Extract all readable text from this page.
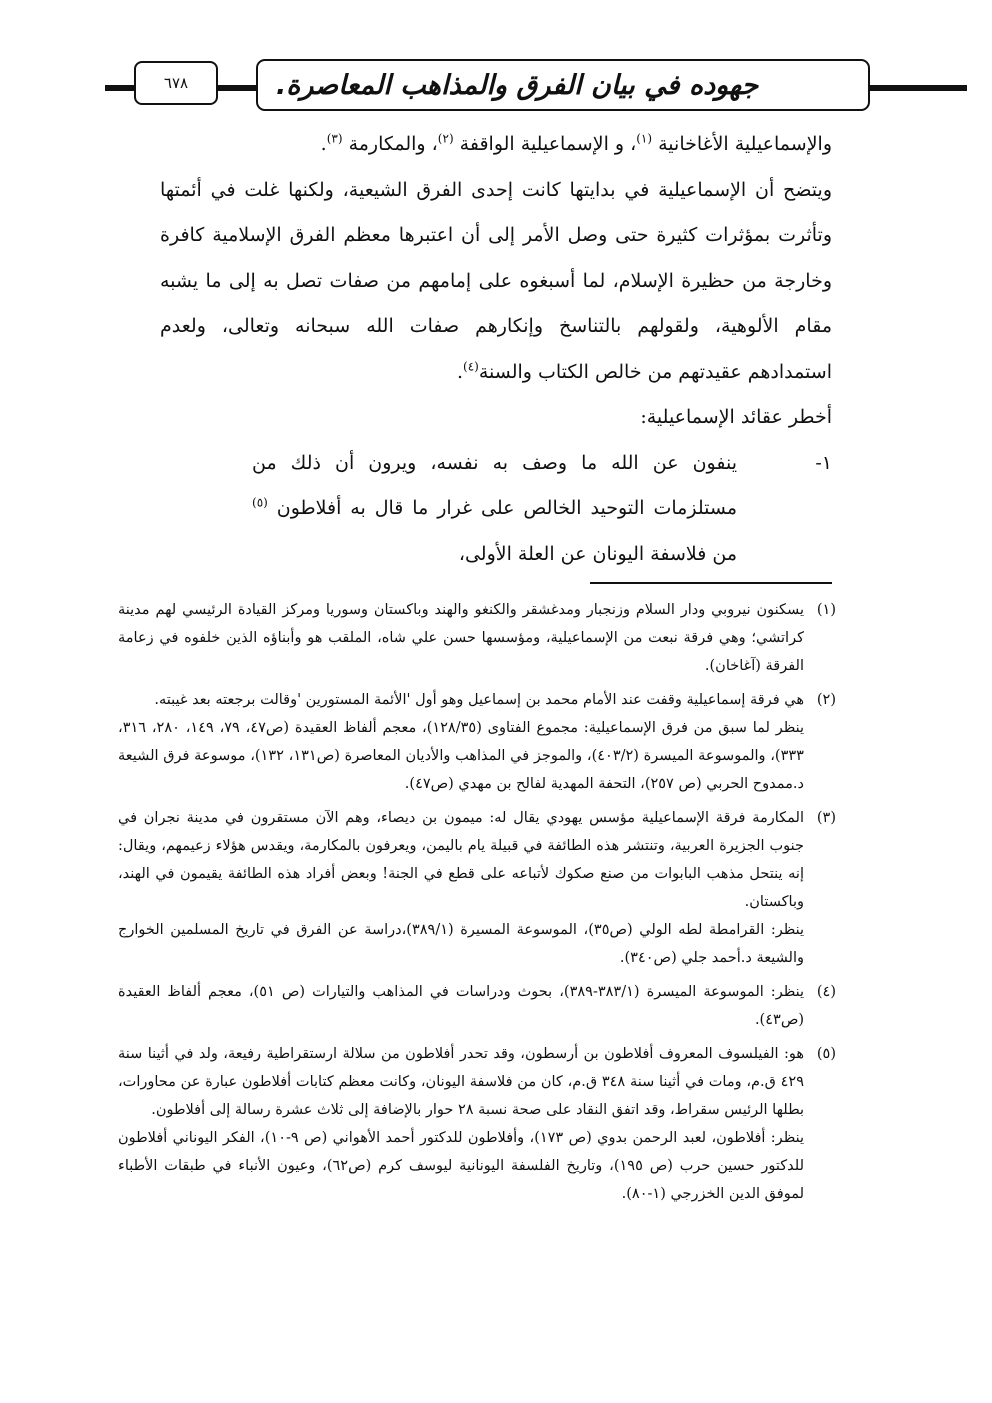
جهوده في بيان الفرق والمذاهب المعاصرة.
٦٧٨

والإسماعيلية الأغاخانية $^{(١)}$، و الإسماعيلية الواقفة $^{(٢)}$، والمكارمة $^{(٣)}$.

ويتضح أن الإسماعيلية في بدايتها كانت إحدى الفرق الشيعية، ولكنها غلت في أئمتها وتأثرت بمؤثرات كثيرة حتى وصل الأمر إلى أن اعتبرها معظم الفرق الإسلامية كافرة وخارجة من حظيرة الإسلام، لما أسبغوه على إمامهم من صفات تصل به إلى ما يشبه مقام الألوهية، ولقولهم بالتناسخ وإنكارهم صفات الله سبحانه وتعالى، ولعدم استمدادهم عقيدتهم من خالص الكتاب والسنة$^{(٤)}$.

أخطر عقائد الإسماعيلية:

١-
ينفون عن الله ما وصف به نفسه، ويرون أن ذلك من مستلزمات التوحيد الخالص على غرار ما قال به أفلاطون $^{(٥)}$ من فلاسفة اليونان عن العلة الأولى،
(١)

يسكنون نيروبي ودار السلام وزنجبار ومدغشقر والكنغو والهند وباكستان وسوريا ومركز القيادة الرئيسي لهم مدينة كراتشي؛ وهي فرقة نبعت من الإسماعيلية، ومؤسسها حسن علي شاه، الملقب هو وأبناؤه الذين خلفوه في زعامة الفرقة (آغاخان).

(٢)

هي فرقة إسماعيلية وقفت عند الأمام محمد بن إسماعيل وهو أول 'الأئمة المستورين 'وقالت برجعته بعد غيبته.

ينظر لما سبق من فرق الإسماعيلية: مجموع الفتاوى (١٢٨/٣٥)، معجم ألفاظ العقيدة (ص٤٧، ٧٩، ١٤٩، ٢٨٠، ٣١٦، ٣٣٣)، والموسوعة الميسرة (٤٠٣/٢)، والموجز في المذاهب والأديان المعاصرة (ص١٣١، ١٣٢)، موسوعة فرق الشيعة د.ممدوح الحربي (ص ٢٥٧)، التحفة المهدية لفالح بن مهدي (ص٤٧).

(٣)

المكارمة فرقة الإسماعيلية مؤسس يهودي يقال له: ميمون بن ديصاء، وهم الآن مستقرون في مدينة نجران في جنوب الجزيرة العربية، وتنتشر هذه الطائفة في قبيلة يام باليمن، ويعرفون بالمكارمة، ويقدس هؤلاء زعيمهم، ويقال: إنه ينتحل مذهب البابوات من صنع صكوك لأتباعه على قطع في الجنة! وبعض أفراد هذه الطائفة يقيمون في الهند، وباكستان.

ينظر: القرامطة لطه الولي (ص٣٥)، الموسوعة المسيرة (٣٨٩/١)،دراسة عن الفرق في تاريخ المسلمين الخوارج والشيعة د.أحمد جلي (ص٣٤٠).

(٤)

ينظر: الموسوعة الميسرة (٣٨٣/١-٣٨٩)، بحوث ودراسات في المذاهب والتيارات (ص ٥١)، معجم ألفاظ العقيدة (ص٤٣).

(٥)

هو: الفيلسوف المعروف أفلاطون بن أرسطون، وقد تحدر أفلاطون من سلالة ارستقراطية رفيعة، ولد في أثينا سنة ٤٢٩ ق.م، ومات في أثينا سنة ٣٤٨ ق.م، كان من فلاسفة اليونان، وكانت معظم كتابات أفلاطون عبارة عن محاورات، بطلها الرئيس سقراط، وقد اتفق النقاد على صحة نسبة ٢٨ حوار بالإضافة إلى ثلاث عشرة رسالة إلى أفلاطون.

ينظر: أفلاطون، لعبد الرحمن بدوي (ص ١٧٣)، وأفلاطون للدكتور أحمد الأهواني (ص ٩-١٠)، الفكر اليوناني أفلاطون للدكتور حسين حرب (ص ١٩٥)، وتاريخ الفلسفة اليونانية ليوسف كرم (ص٦٢)، وعيون الأنباء في طبقات الأطباء لموفق الدين الخزرجي (١-٨٠).
